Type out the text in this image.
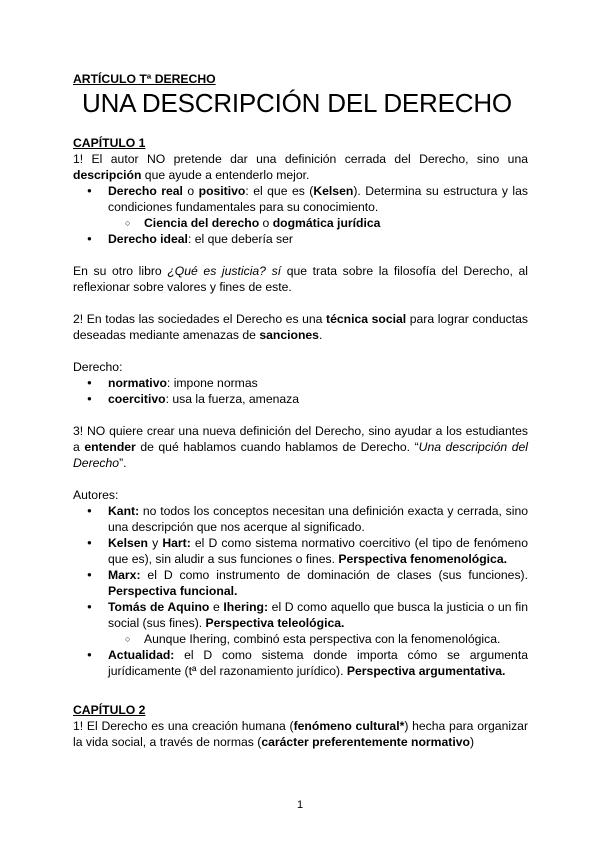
ARTÍCULO Tª DERECHO

UNA DESCRIPCIÓN DEL DERECHO

CAPÍTULO 1

1! El autor NO pretende dar una definición cerrada del Derecho, sino una descripción que ayude a entenderlo mejor.

● Derecho real o positivo: el que es (Kelsen). Determina su estructura y las condiciones fundamentales para su conocimiento.
○ Ciencia del derecho o dogmática jurídica
● Derecho ideal: el que debería ser

En su otro libro ¿Qué es justicia? sí que trata sobre la filosofía del Derecho, al reflexionar sobre valores y fines de este.

2! En todas las sociedades el Derecho es una técnica social para lograr conductas deseadas mediante amenazas de sanciones.

Derecho:

● normativo: impone normas
● coercitivo: usa la fuerza, amenaza

3! NO quiere crear una nueva definición del Derecho, sino ayudar a los estudiantes a entender de qué hablamos cuando hablamos de Derecho. “Una descripción del Derecho”.

Autores:

● Kant: no todos los conceptos necesitan una definición exacta y cerrada, sino una descripción que nos acerque al significado.
● Kelsen y Hart: el D como sistema normativo coercitivo (el tipo de fenómeno que es), sin aludir a sus funciones o fines. Perspectiva fenomenológica.
● Marx: el D como instrumento de dominación de clases (sus funciones). Perspectiva funcional.
● Tomás de Aquino e Ihering: el D como aquello que busca la justicia o un fin social (sus fines). Perspectiva teleológica.
○ Aunque Ihering, combinó esta perspectiva con la fenomenológica.
● Actualidad: el D como sistema donde importa cómo se argumenta jurídicamente (tª del razonamiento jurídico). Perspectiva argumentativa.

CAPÍTULO 2

1! El Derecho es una creación humana (fenómeno cultural*) hecha para organizar la vida social, a través de normas (carácter preferentemente normativo)

1
